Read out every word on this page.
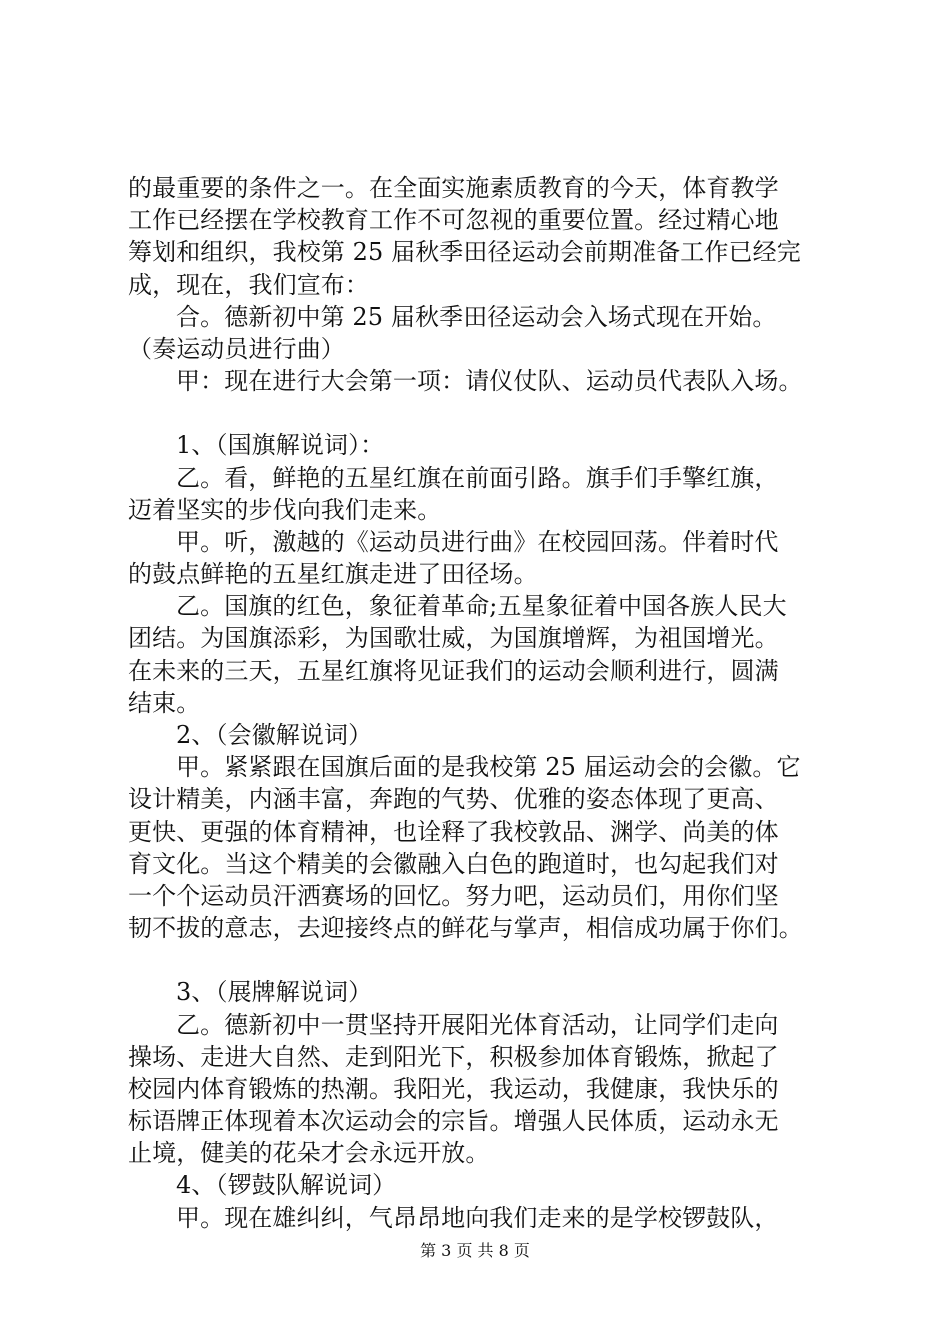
的最重要的条件之一。在全面实施素质教育的今天，体育教学
工作已经摆在学校教育工作不可忽视的重要位置。经过精心地
筹划和组织，我校第 25 届秋季田径运动会前期准备工作已经完
成，现在，我们宣布：
合。德新初中第 25 届秋季田径运动会入场式现在开始。
（奏运动员进行曲）
甲：现在进行大会第一项：请仪仗队、运动员代表队入场。
1、（国旗解说词）：
乙。看，鲜艳的五星红旗在前面引路。旗手们手擎红旗，
迈着坚实的步伐向我们走来。
甲。听，激越的《运动员进行曲》在校园回荡。伴着时代
的鼓点鲜艳的五星红旗走进了田径场。
乙。国旗的红色，象征着革命;五星象征着中国各族人民大
团结。为国旗添彩，为国歌壮威，为国旗增辉，为祖国增光。
在未来的三天，五星红旗将见证我们的运动会顺利进行，圆满
结束。
2、（会徽解说词）
甲。紧紧跟在国旗后面的是我校第 25 届运动会的会徽。它
设计精美，内涵丰富，奔跑的气势、优雅的姿态体现了更高、
更快、更强的体育精神，也诠释了我校敦品、渊学、尚美的体
育文化。当这个精美的会徽融入白色的跑道时，也勾起我们对
一个个运动员汗洒赛场的回忆。努力吧，运动员们，用你们坚
韧不拔的意志，去迎接终点的鲜花与掌声，相信成功属于你们。
3、（展牌解说词）
乙。德新初中一贯坚持开展阳光体育活动，让同学们走向
操场、走进大自然、走到阳光下，积极参加体育锻炼，掀起了
校园内体育锻炼的热潮。我阳光，我运动，我健康，我快乐的
标语牌正体现着本次运动会的宗旨。增强人民体质，运动永无
止境，健美的花朵才会永远开放。
4、（锣鼓队解说词）
甲。现在雄纠纠，气昂昂地向我们走来的是学校锣鼓队，
第 3 页 共 8 页
